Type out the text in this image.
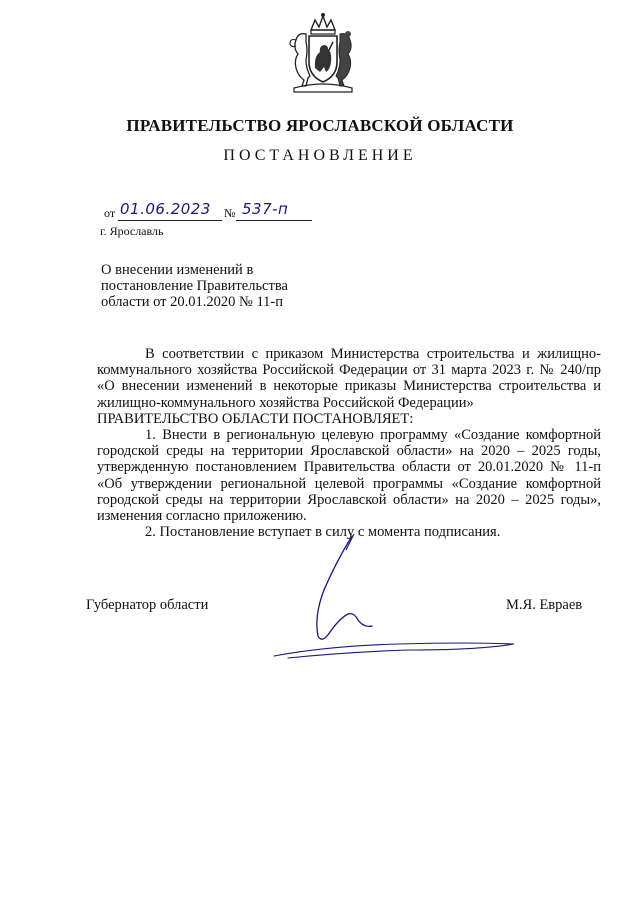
ПРАВИТЕЛЬСТВО ЯРОСЛАВСКОЙ ОБЛАСТИ
ПОСТАНОВЛЕНИЕ
от 01.06.2023 № 537-п
г. Ярославль
О внесении изменений в
постановление Правительства
области от 20.01.2020 № 11-п

В соответствии с приказом Министерства строительства и жилищно-коммунального хозяйства Российской Федерации от 31 марта 2023 г. № 240/пр «О внесении изменений в некоторые приказы Министерства строительства и жилищно-коммунального хозяйства Российской Федерации»

ПРАВИТЕЛЬСТВО ОБЛАСТИ ПОСТАНОВЛЯЕТ:

1. Внести в региональную целевую программу «Создание комфортной городской среды на территории Ярославской области» на 2020 – 2025 годы, утвержденную постановлением Правительства области от 20.01.2020 № 11-п «Об утверждении региональной целевой программы «Создание комфортной городской среды на территории Ярославской области» на 2020 – 2025 годы», изменения согласно приложению.

2. Постановление вступает в силу с момента подписания.

Губернатор области	М.Я. Евраев
